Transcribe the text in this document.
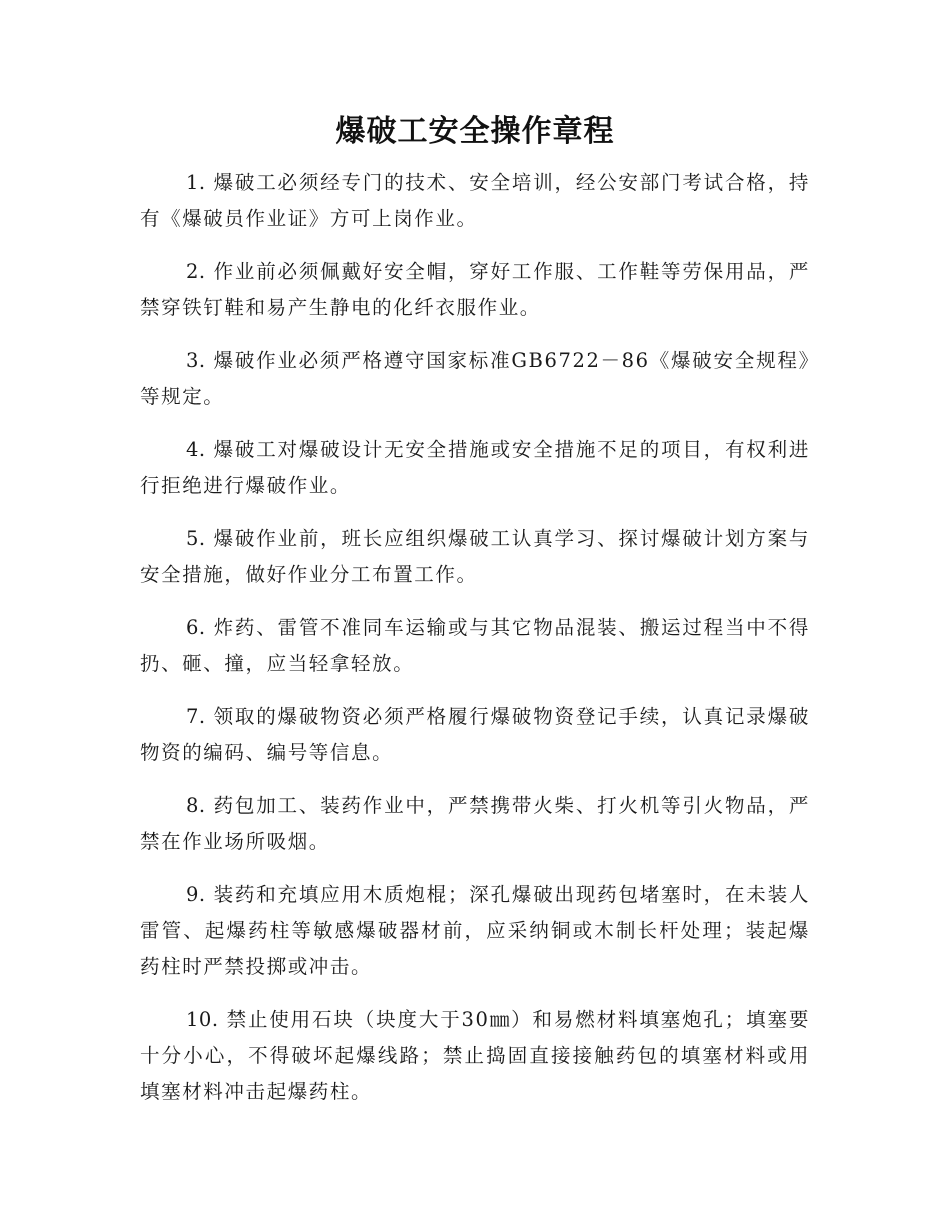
爆破工安全操作章程

1. 爆破工必须经专门的技术、安全培训，经公安部门考试合格，持有《爆破员作业证》方可上岗作业。

2. 作业前必须佩戴好安全帽，穿好工作服、工作鞋等劳保用品，严禁穿铁钉鞋和易产生静电的化纤衣服作业。

3. 爆破作业必须严格遵守国家标准GB6722－86《爆破安全规程》等规定。

4. 爆破工对爆破设计无安全措施或安全措施不足的项目，有权利进行拒绝进行爆破作业。

5. 爆破作业前，班长应组织爆破工认真学习、探讨爆破计划方案与安全措施，做好作业分工布置工作。

6. 炸药、雷管不准同车运输或与其它物品混装、搬运过程当中不得扔、砸、撞，应当轻拿轻放。

7. 领取的爆破物资必须严格履行爆破物资登记手续，认真记录爆破物资的编码、编号等信息。

8. 药包加工、装药作业中，严禁携带火柴、打火机等引火物品，严禁在作业场所吸烟。

9. 装药和充填应用木质炮棍；深孔爆破出现药包堵塞时，在未装人雷管、起爆药柱等敏感爆破器材前，应采纳铜或木制长杆处理；装起爆药柱时严禁投掷或冲击。

10. 禁止使用石块（块度大于30㎜）和易燃材料填塞炮孔；填塞要十分小心，不得破坏起爆线路；禁止捣固直接接触药包的填塞材料或用填塞材料冲击起爆药柱。
